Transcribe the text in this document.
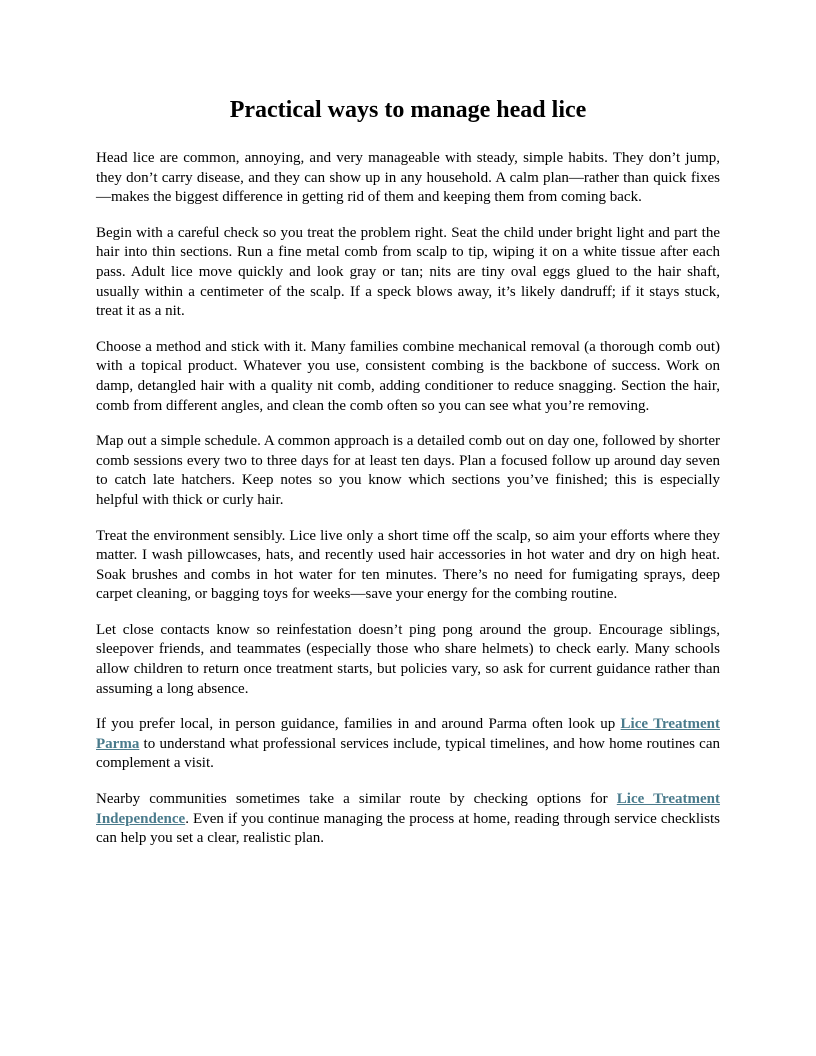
Practical ways to manage head lice

Head lice are common, annoying, and very manageable with steady, simple habits. They don’t jump, they don’t carry disease, and they can show up in any household. A calm plan—rather than quick fixes—makes the biggest difference in getting rid of them and keeping them from coming back.

Begin with a careful check so you treat the problem right. Seat the child under bright light and part the hair into thin sections. Run a fine metal comb from scalp to tip, wiping it on a white tissue after each pass. Adult lice move quickly and look gray or tan; nits are tiny oval eggs glued to the hair shaft, usually within a centimeter of the scalp. If a speck blows away, it’s likely dandruff; if it stays stuck, treat it as a nit.

Choose a method and stick with it. Many families combine mechanical removal (a thorough comb out) with a topical product. Whatever you use, consistent combing is the backbone of success. Work on damp, detangled hair with a quality nit comb, adding conditioner to reduce snagging. Section the hair, comb from different angles, and clean the comb often so you can see what you’re removing.

Map out a simple schedule. A common approach is a detailed comb out on day one, followed by shorter comb sessions every two to three days for at least ten days. Plan a focused follow up around day seven to catch late hatchers. Keep notes so you know which sections you’ve finished; this is especially helpful with thick or curly hair.

Treat the environment sensibly. Lice live only a short time off the scalp, so aim your efforts where they matter. I wash pillowcases, hats, and recently used hair accessories in hot water and dry on high heat. Soak brushes and combs in hot water for ten minutes. There’s no need for fumigating sprays, deep carpet cleaning, or bagging toys for weeks—save your energy for the combing routine.

Let close contacts know so reinfestation doesn’t ping pong around the group. Encourage siblings, sleepover friends, and teammates (especially those who share helmets) to check early. Many schools allow children to return once treatment starts, but policies vary, so ask for current guidance rather than assuming a long absence.

If you prefer local, in person guidance, families in and around Parma often look up Lice Treatment Parma to understand what professional services include, typical timelines, and how home routines can complement a visit.

Nearby communities sometimes take a similar route by checking options for Lice Treatment Independence. Even if you continue managing the process at home, reading through service checklists can help you set a clear, realistic plan.
